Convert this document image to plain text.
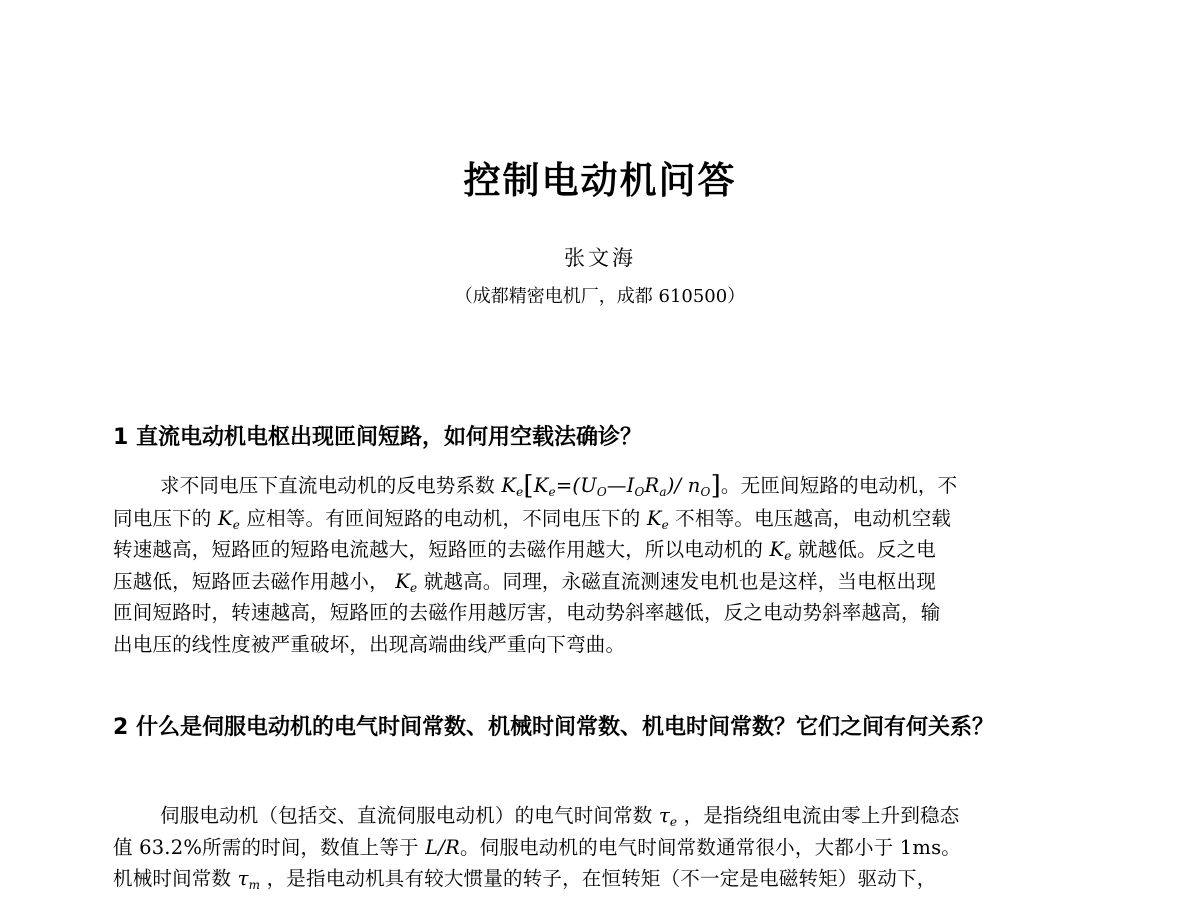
控制电动机问答
张文海
（成都精密电机厂，成都 610500）
1 直流电动机电枢出现匝间短路，如何用空载法确诊？
求不同电压下直流电动机的反电势系数 $K_e[K_e=(U_O—I_OR_a)/$ $n_O$]。无匝间短路的电动机，不
同电压下的 $K_e$ 应相等。有匝间短路的电动机，不同电压下的 $K_e$ 不相等。电压越高，电动机空载
转速越高，短路匝的短路电流越大，短路匝的去磁作用越大，所以电动机的 $K_e$ 就越低。反之电
压越低，短路匝去磁作用越小， $K_e$ 就越高。同理，永磁直流测速发电机也是这样，当电枢出现
匝间短路时，转速越高，短路匝的去磁作用越厉害，电动势斜率越低，反之电动势斜率越高，输
出电压的线性度被严重破坏，出现高端曲线严重向下弯曲。
2 什么是伺服电动机的电气时间常数、机械时间常数、机电时间常数？它们之间有何关系？
伺服电动机（包括交、直流伺服电动机）的电气时间常数 $\tau_e$ ，是指绕组电流由零上升到稳态
值 63.2%所需的时间，数值上等于 L/R。伺服电动机的电气时间常数通常很小，大都小于 1ms。
机械时间常数 $\tau_m$ ，是指电动机具有较大惯量的转子，在恒转矩（不一定是电磁转矩）驱动下，
